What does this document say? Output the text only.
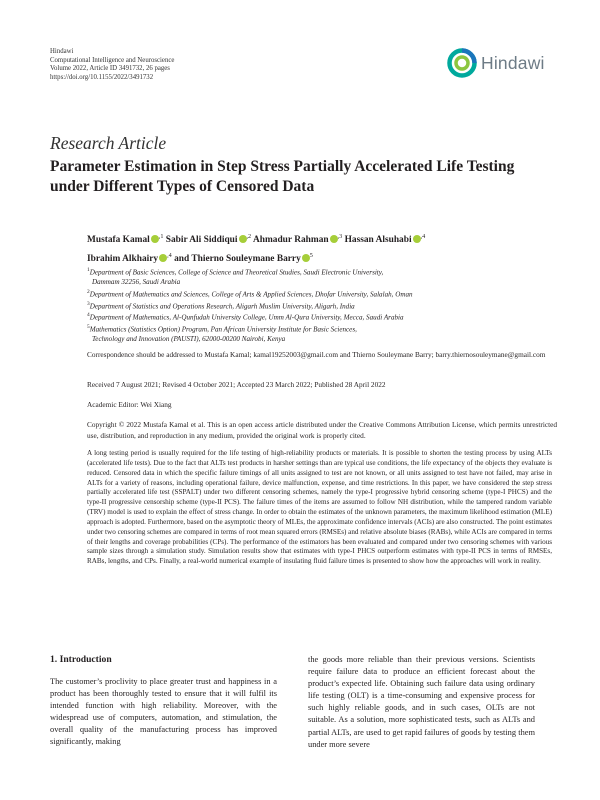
Hindawi
Computational Intelligence and Neuroscience
Volume 2022, Article ID 3491732, 26 pages
https://doi.org/10.1155/2022/3491732
Hindawi
Research Article
Parameter Estimation in Step Stress Partially Accelerated Life Testing under Different Types of Censored Data
Mustafa Kamal $^{,1}$ Sabir Ali Siddiqui $^{,2}$ Ahmadur Rahman $^{,3}$ Hassan Alsuhabi $^{,4}$
Ibrahim Alkhairy $^{,4}$ and Thierno Souleymane Barry $^5$
$^1$Department of Basic Sciences, College of Science and Theoretical Studies, Saudi Electronic University,
Dammam 32256, Saudi Arabia
$^2$Department of Mathematics and Sciences, College of Arts & Applied Sciences, Dhofar University, Salalah, Oman
$^3$Department of Statistics and Operations Research, Aligarh Muslim University, Aligarh, India
$^4$Department of Mathematics, Al-Qunfudah University College, Umm Al-Qura University, Mecca, Saudi Arabia
$^5$Mathematics (Statistics Option) Program, Pan African University Institute for Basic Sciences,
Technology and Innovation (PAUSTI), 62000-00200 Nairobi, Kenya

Correspondence should be addressed to Mustafa Kamal; kamal19252003@gmail.com and Thierno Souleymane Barry; barry.thiernosouleymane@gmail.com

Received 7 August 2021; Revised 4 October 2021; Accepted 23 March 2022; Published 28 April 2022

Academic Editor: Wei Xiang

Copyright © 2022 Mustafa Kamal et al. This is an open access article distributed under the Creative Commons Attribution License, which permits unrestricted use, distribution, and reproduction in any medium, provided the original work is properly cited.

A long testing period is usually required for the life testing of high-reliability products or materials. It is possible to shorten the testing process by using ALTs (accelerated life tests). Due to the fact that ALTs test products in harsher settings than are typical use conditions, the life expectancy of the objects they evaluate is reduced. Censored data in which the specific failure timings of all units assigned to test are not known, or all units assigned to test have not failed, may arise in ALTs for a variety of reasons, including operational failure, device malfunction, expense, and time restrictions. In this paper, we have considered the step stress partially accelerated life test (SSPALT) under two different censoring schemes, namely the type-I progressive hybrid censoring scheme (type-I PHCS) and the type-II progressive censorship scheme (type-II PCS). The failure times of the items are assumed to follow NH distribution, while the tampered random variable (TRV) model is used to explain the effect of stress change. In order to obtain the estimates of the unknown parameters, the maximum likelihood estimation (MLE) approach is adopted. Furthermore, based on the asymptotic theory of MLEs, the approximate confidence intervals (ACIs) are also constructed. The point estimates under two censoring schemes are compared in terms of root mean squared errors (RMSEs) and relative absolute biases (RABs), while ACIs are compared in terms of their lengths and coverage probabilities (CPs). The performance of the estimators has been evaluated and compared under two censoring schemes with various sample sizes through a simulation study. Simulation results show that estimates with type-I PHCS outperform estimates with type-II PCS in terms of RMSEs, RABs, lengths, and CPs. Finally, a real-world numerical example of insulating fluid failure times is presented to show how the approaches will work in reality.

1. Introduction

The customer’s proclivity to place greater trust and happiness in a product has been thoroughly tested to ensure that it will fulfil its intended function with high reliability. Moreover, with the widespread use of computers, automation, and stimulation, the overall quality of the manufacturing process has improved significantly, making

the goods more reliable than their previous versions. Scientists require failure data to produce an efficient forecast about the product’s expected life. Obtaining such failure data using ordinary life testing (OLT) is a time-consuming and expensive process for such highly reliable goods, and in such cases, OLTs are not suitable. As a solution, more sophisticated tests, such as ALTs and partial ALTs, are used to get rapid failures of goods by testing them under more severe
